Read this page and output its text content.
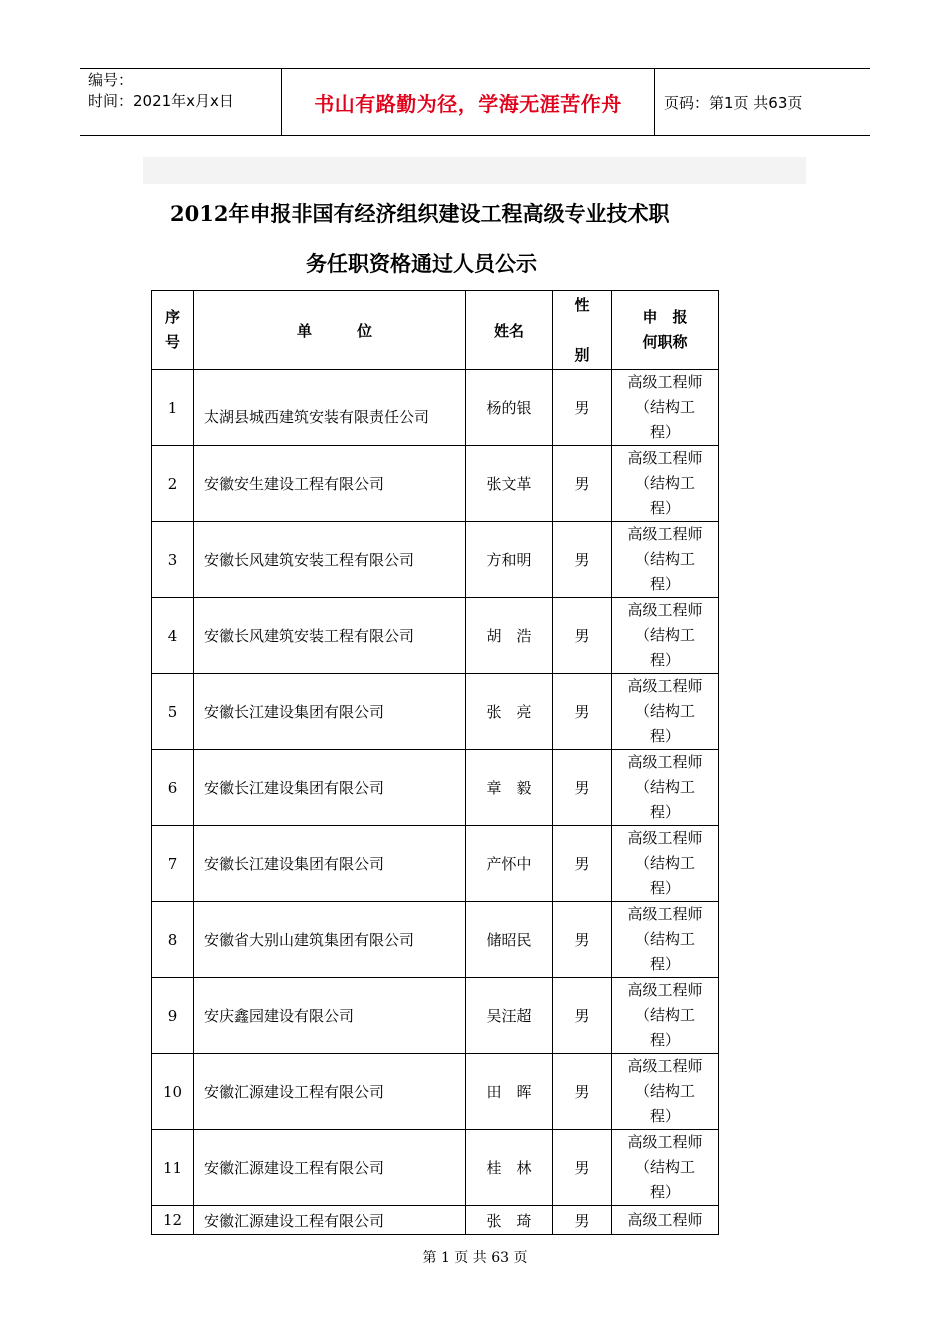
编号：
时间：2021年x月x日	书山有路勤为径，学海无涯苦作舟	页码：第1页 共63页
2012年申报非国有经济组织建设工程高级专业技术职
务任职资格通过人员公示
序
号	单　　　位	姓名	性
别	申　报
何职称

1	太湖县城西建筑安装有限责任公司	杨的银	男	高级工程师
（结构工
程）

2	安徽安生建设工程有限公司	张文革	男	高级工程师
（结构工
程）

3	安徽长风建筑安装工程有限公司	方和明	男	高级工程师
（结构工
程）

4	安徽长风建筑安装工程有限公司	胡　浩	男	高级工程师
（结构工
程）

5	安徽长江建设集团有限公司	张　亮	男	高级工程师
（结构工
程）

6	安徽长江建设集团有限公司	章　毅	男	高级工程师
（结构工
程）

7	安徽长江建设集团有限公司	产怀中	男	高级工程师
（结构工
程）

8	安徽省大别山建筑集团有限公司	储昭民	男	高级工程师
（结构工
程）

9	安庆鑫园建设有限公司	吴汪超	男	高级工程师
（结构工
程）

10	安徽汇源建设工程有限公司	田　晖	男	高级工程师
（结构工
程）

11	安徽汇源建设工程有限公司	桂　林	男	高级工程师
（结构工
程）

12	安徽汇源建设工程有限公司	张　琦	男	高级工程师
第 1 页 共 63 页
